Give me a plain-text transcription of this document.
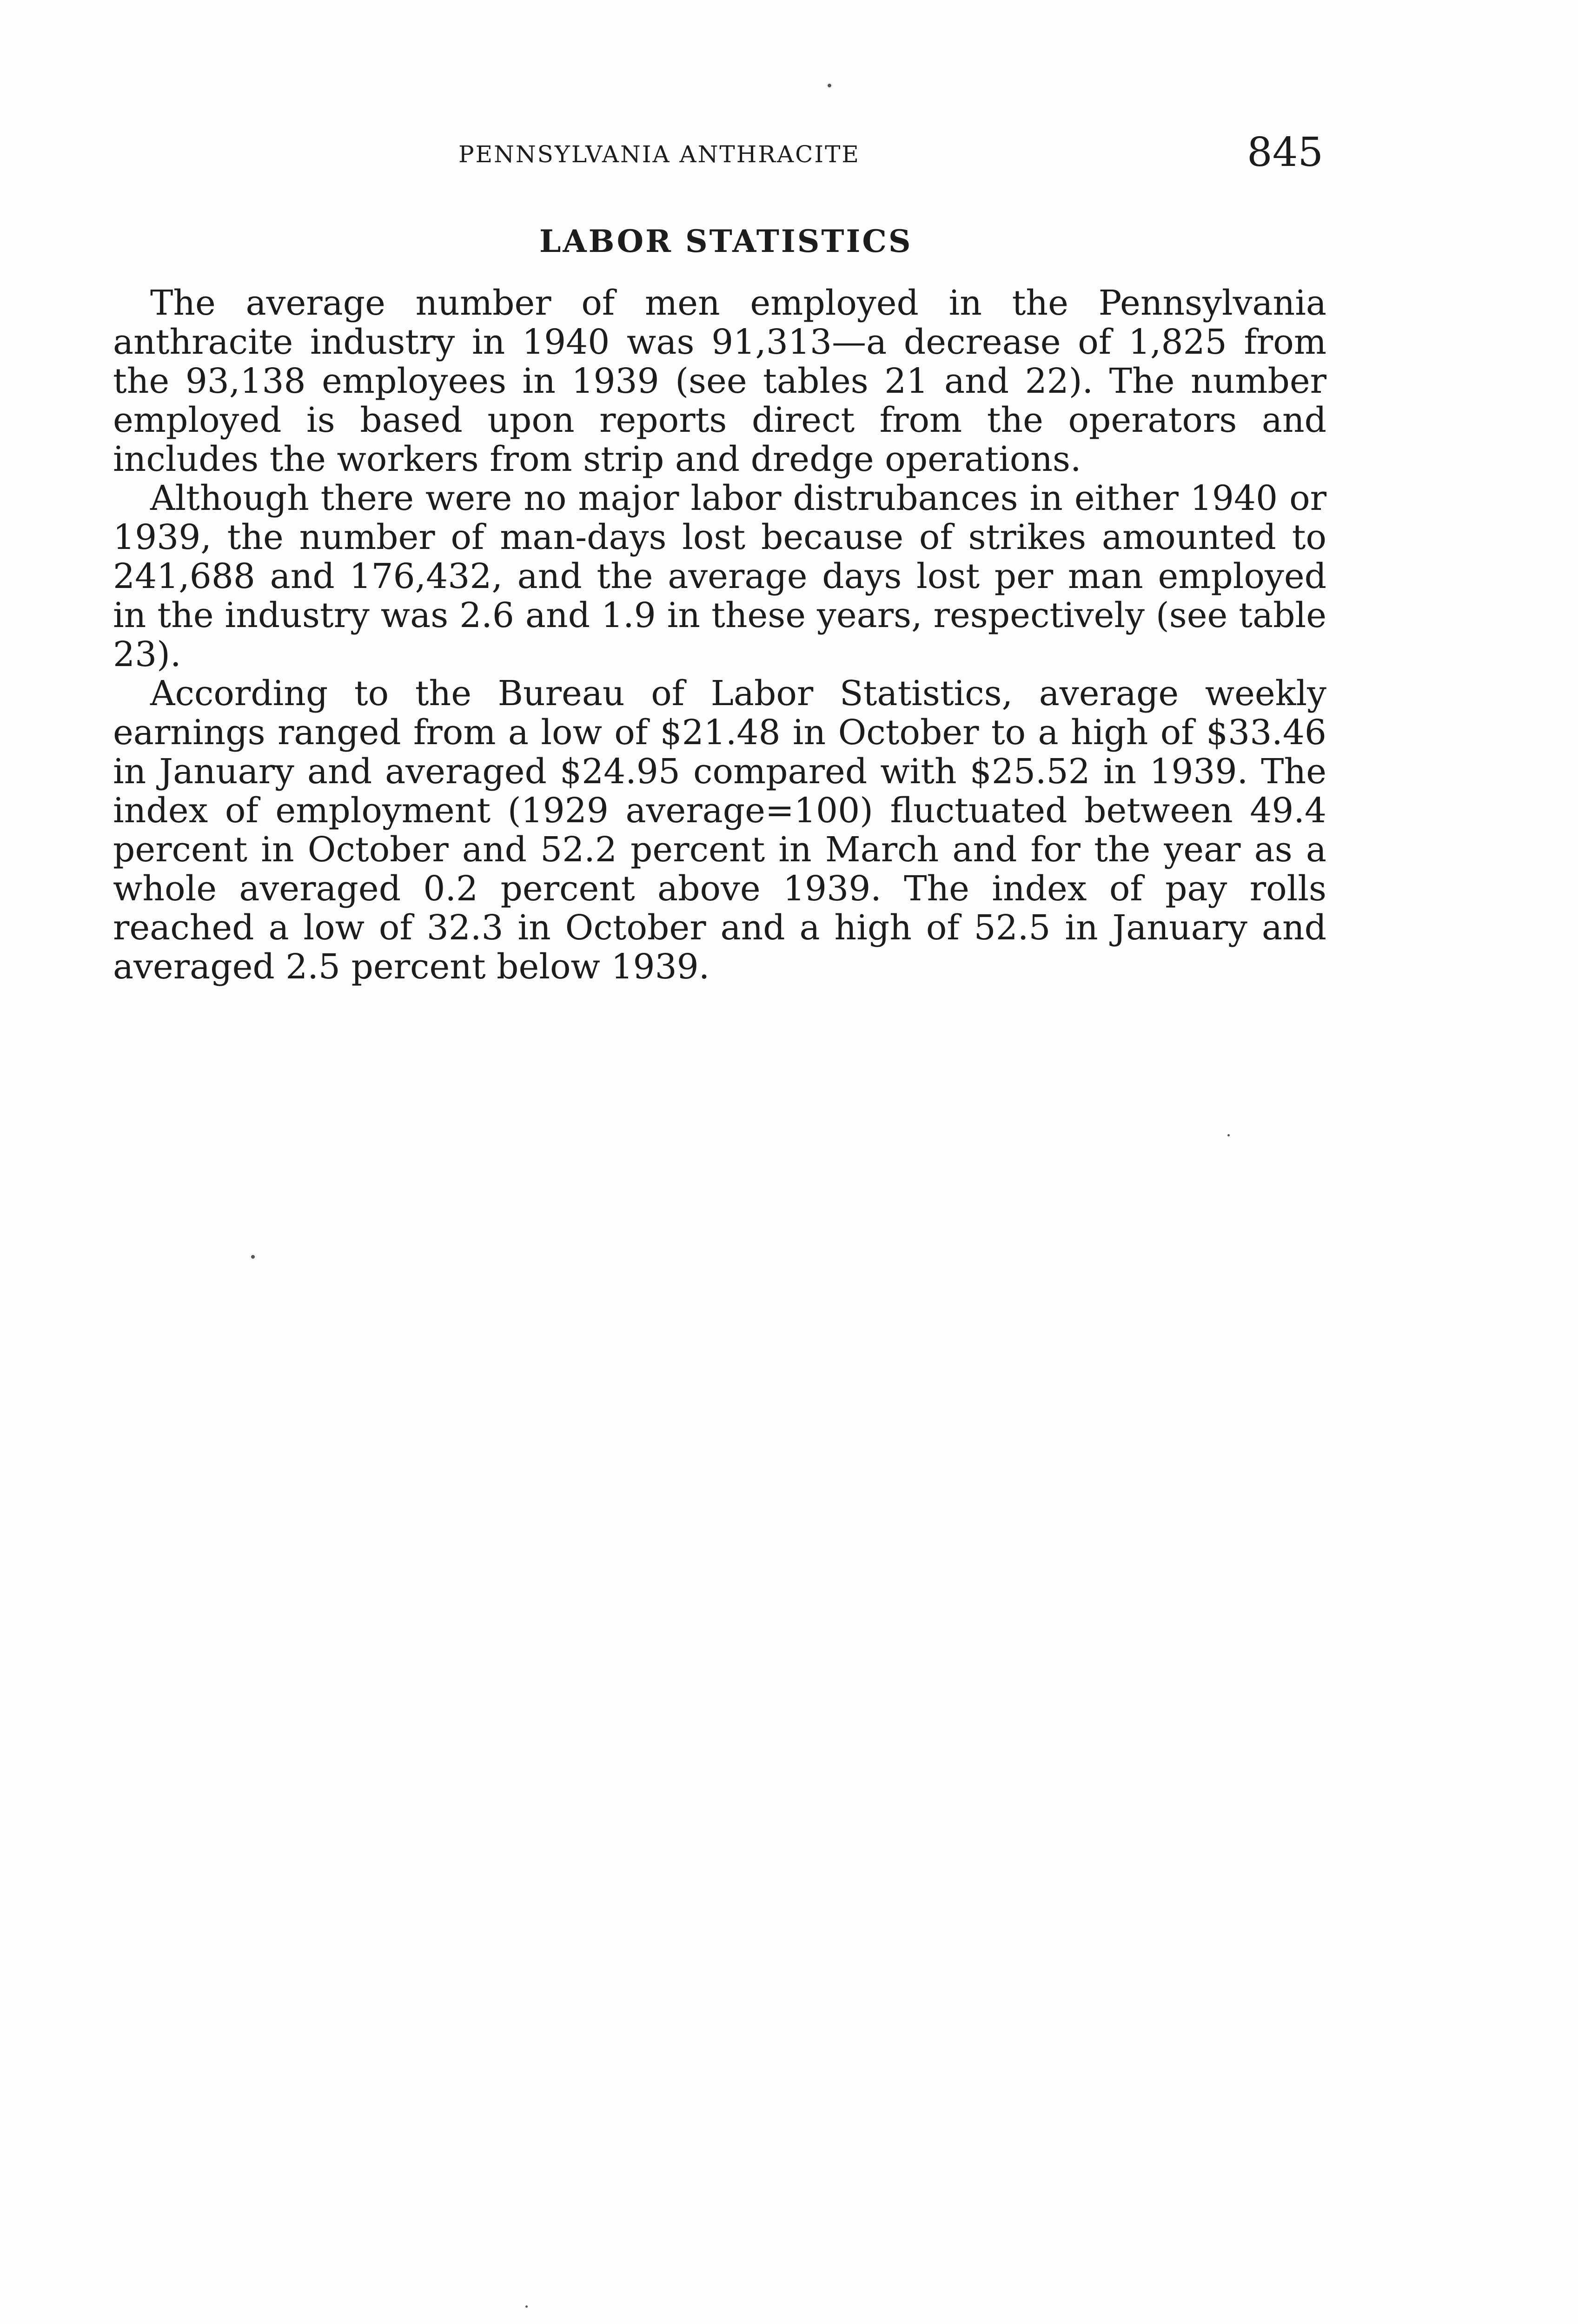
PENNSYLVANIA ANTHRACITE	845
LABOR STATISTICS

The average number of men employed in the Pennsylvania anthracite industry in 1940 was 91,313—a decrease of 1,825 from the 93,138 employees in 1939 (see tables 21 and 22). The number employed is based upon reports direct from the operators and includes the workers from strip and dredge operations.

Although there were no major labor distrubances in either 1940 or 1939, the number of man-days lost because of strikes amounted to 241,688 and 176,432, and the average days lost per man employed in the industry was 2.6 and 1.9 in these years, respectively (see table 23).

According to the Bureau of Labor Statistics, average weekly earnings ranged from a low of $21.48 in October to a high of $33.46 in January and averaged $24.95 compared with $25.52 in 1939. The index of employment (1929 average=100) fluctuated between 49.4 percent in October and 52.2 percent in March and for the year as a whole averaged 0.2 percent above 1939. The index of pay rolls reached a low of 32.3 in October and a high of 52.5 in January and averaged 2.5 percent below 1939.
